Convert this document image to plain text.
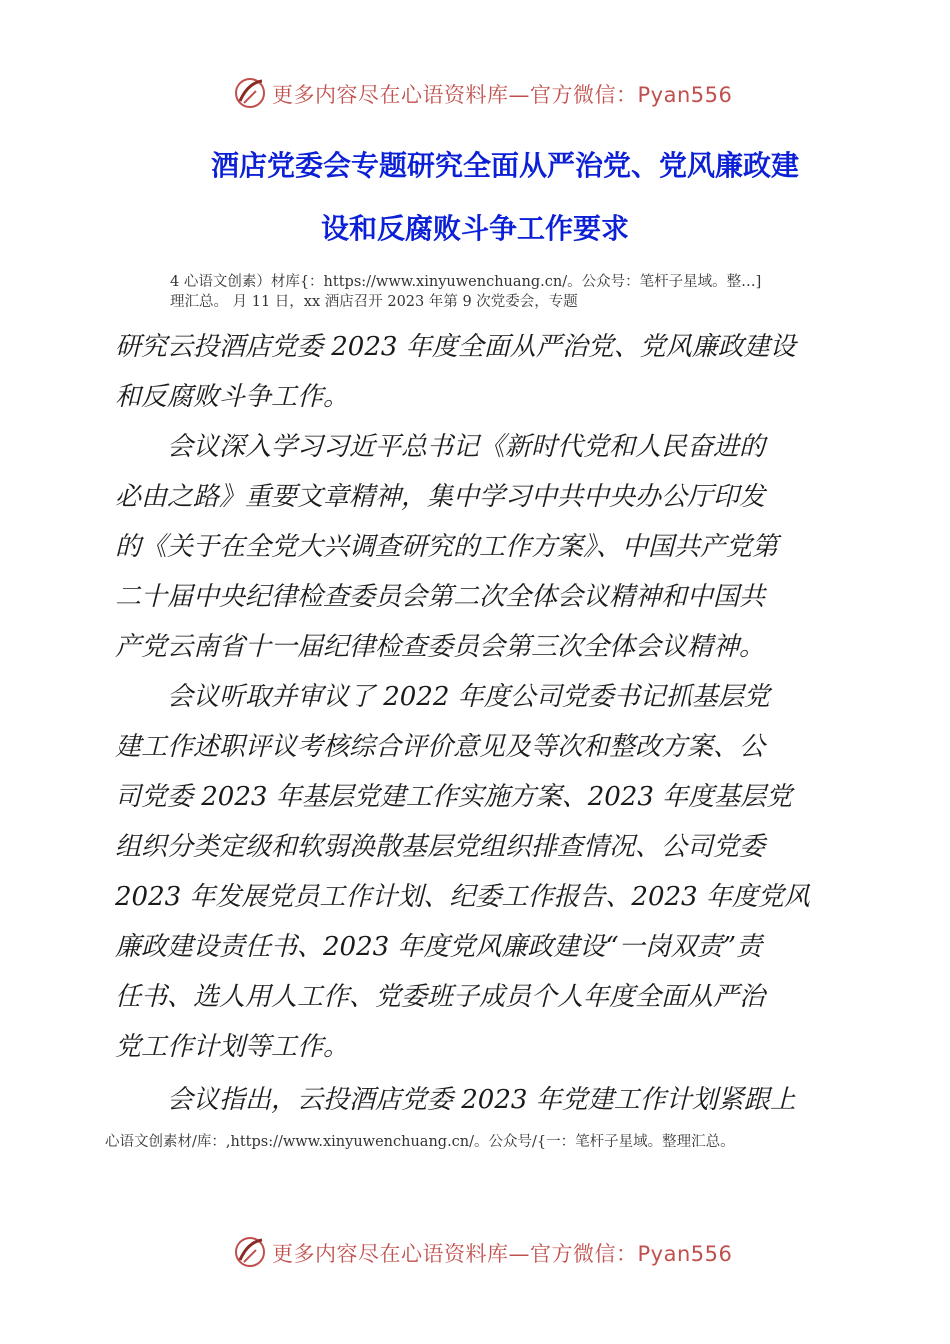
更多内容尽在心语资料库—官方微信：Pyan556
酒店党委会专题研究全面从严治党、党风廉政建
设和反腐败斗争工作要求
4 心语文创素）材库{：https://www.xinyuwenchuang.cn/。公众号：笔杆子星域。整…]
理汇总。 月 11 日，xx 酒店召开 2023 年第 9 次党委会，专题
研究云投酒店党委 2023 年度全面从严治党、党风廉政建设
和反腐败斗争工作。
　　会议深入学习习近平总书记《新时代党和人民奋进的
必由之路》重要文章精神，集中学习中共中央办公厅印发
的《关于在全党大兴调查研究的工作方案》、中国共产党第
二十届中央纪律检查委员会第二次全体会议精神和中国共
产党云南省十一届纪律检查委员会第三次全体会议精神。
　　会议听取并审议了 2022 年度公司党委书记抓基层党
建工作述职评议考核综合评价意见及等次和整改方案、公
司党委 2023 年基层党建工作实施方案、2023 年度基层党
组织分类定级和软弱涣散基层党组织排查情况、公司党委
2023 年发展党员工作计划、纪委工作报告、2023 年度党风
廉政建设责任书、2023 年度党风廉政建设“一岗双责”责
任书、选人用人工作、党委班子成员个人年度全面从严治
党工作计划等工作。
　　会议指出，云投酒店党委 2023 年党建工作计划紧跟上
心语文创素材/库：,https://www.xinyuwenchuang.cn/。公众号/{一：笔杆子星域。整理汇总。
更多内容尽在心语资料库—官方微信：Pyan556
